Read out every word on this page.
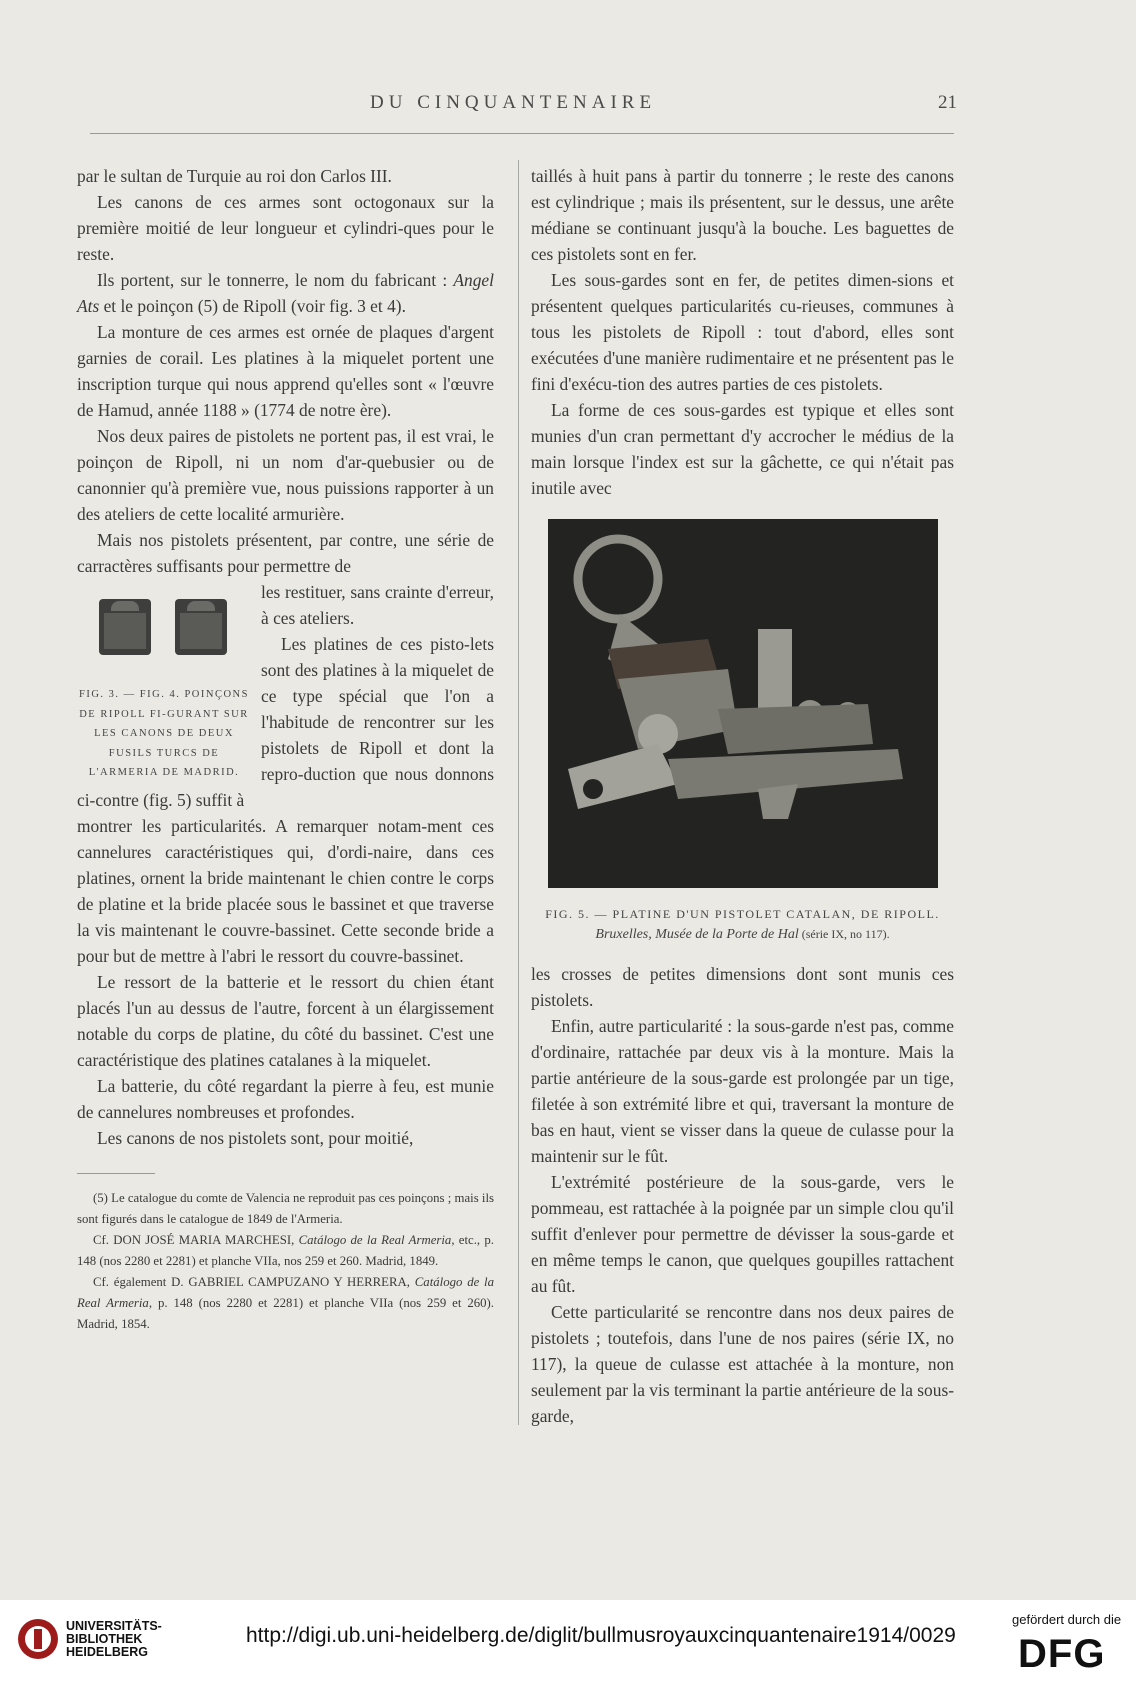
DU CINQUANTENAIRE	21

par le sultan de Turquie au roi don Carlos III.

Les canons de ces armes sont octogonaux sur la première moitié de leur longueur et cylindri-ques pour le reste.

Ils portent, sur le tonnerre, le nom du fabricant : Angel Ats et le poinçon (5) de Ripoll (voir fig. 3 et 4).

La monture de ces armes est ornée de plaques d'argent garnies de corail. Les platines à la miquelet portent une inscription turque qui nous apprend qu'elles sont « l'œuvre de Hamud, année 1188 » (1774 de notre ère).

Nos deux paires de pistolets ne portent pas, il est vrai, le poinçon de Ripoll, ni un nom d'ar-quebusier ou de canonnier qu'à première vue, nous puissions rapporter à un des ateliers de cette localité armurière.

Mais nos pistolets présentent, par contre, une série de carractères suffisants pour permettre de

FIG. 3. — FIG. 4. POINÇONS DE RIPOLL FI-GURANT SUR LES CANONS DE DEUX FUSILS TURCS DE L'ARMERIA DE MADRID.

les restituer, sans crainte d'erreur, à ces ateliers.

Les platines de ces pisto-lets sont des platines à la miquelet de ce type spécial que l'on a l'habitude de rencontrer sur les pistolets de Ripoll et dont la repro-duction que nous donnons ci-contre (fig. 5) suffit à

montrer les particularités. A remarquer notam-ment ces cannelures caractéristiques qui, d'ordi-naire, dans ces platines, ornent la bride maintenant le chien contre le corps de platine et la bride placée sous le bassinet et que traverse la vis maintenant le couvre-bassinet. Cette seconde bride a pour but de mettre à l'abri le ressort du couvre-bassinet.

Le ressort de la batterie et le ressort du chien étant placés l'un au dessus de l'autre, forcent à un élargissement notable du corps de platine, du côté du bassinet. C'est une caractéristique des platines catalanes à la miquelet.

La batterie, du côté regardant la pierre à feu, est munie de cannelures nombreuses et profondes.

Les canons de nos pistolets sont, pour moitié,

(5) Le catalogue du comte de Valencia ne reproduit pas ces poinçons ; mais ils sont figurés dans le catalogue de 1849 de l'Armeria.

Cf. DON JOSÉ MARIA MARCHESI, Catálogo de la Real Armeria, etc., p. 148 (nos 2280 et 2281) et planche VIIa, nos 259 et 260. Madrid, 1849.

Cf. également D. GABRIEL CAMPUZANO Y HERRERA, Catálogo de la Real Armeria, p. 148 (nos 2280 et 2281) et planche VIIa (nos 259 et 260). Madrid, 1854.

taillés à huit pans à partir du tonnerre ; le reste des canons est cylindrique ; mais ils présentent, sur le dessus, une arête médiane se continuant jusqu'à la bouche. Les baguettes de ces pistolets sont en fer.

Les sous-gardes sont en fer, de petites dimen-sions et présentent quelques particularités cu-rieuses, communes à tous les pistolets de Ripoll : tout d'abord, elles sont exécutées d'une manière rudimentaire et ne présentent pas le fini d'exécu-tion des autres parties de ces pistolets.

La forme de ces sous-gardes est typique et elles sont munies d'un cran permettant d'y accrocher le médius de la main lorsque l'index est sur la gâchette, ce qui n'était pas inutile avec

FIG. 5. — PLATINE D'UN PISTOLET CATALAN, DE RIPOLL.
Bruxelles, Musée de la Porte de Hal (série IX, no 117).

les crosses de petites dimensions dont sont munis ces pistolets.

Enfin, autre particularité : la sous-garde n'est pas, comme d'ordinaire, rattachée par deux vis à la monture. Mais la partie antérieure de la sous-garde est prolongée par un tige, filetée à son extrémité libre et qui, traversant la monture de bas en haut, vient se visser dans la queue de culasse pour la maintenir sur le fût.

L'extrémité postérieure de la sous-garde, vers le pommeau, est rattachée à la poignée par un simple clou qu'il suffit d'enlever pour permettre de dévisser la sous-garde et en même temps le canon, que quelques goupilles rattachent au fût.

Cette particularité se rencontre dans nos deux paires de pistolets ; toutefois, dans l'une de nos paires (série IX, no 117), la queue de culasse est attachée à la monture, non seulement par la vis terminant la partie antérieure de la sous-garde,

UNIVERSITÄTS-
BIBLIOTHEK
HEIDELBERG
http://digi.ub.uni-heidelberg.de/diglit/bullmusroyauxcinquantenaire1914/0029
gefördert durch die
DFG
